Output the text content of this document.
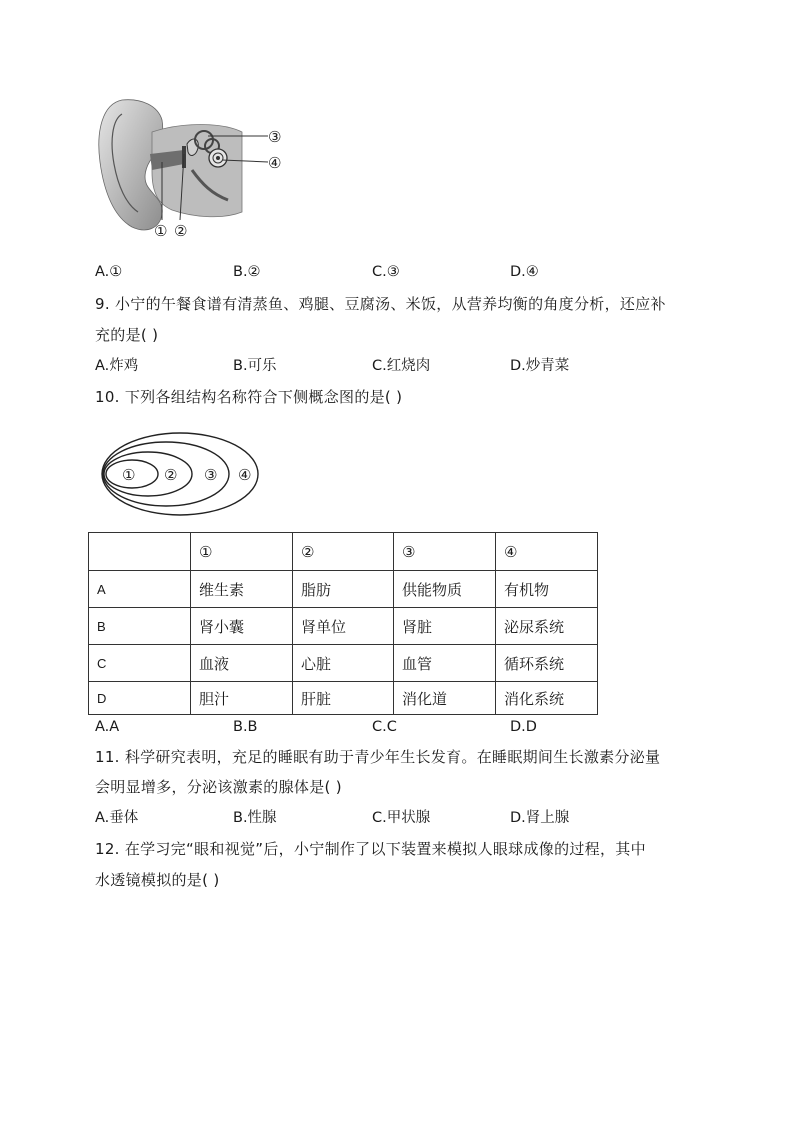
③
④
① ②
A.①	B.②	C.③	D.④
9. 小宁的午餐食谱有清蒸鱼、鸡腿、豆腐汤、米饭，从营养均衡的角度分析，还应补
充的是( )
A.炸鸡	B.可乐	C.红烧肉	D.炒青菜
10. 下列各组结构名称符合下侧概念图的是( )
① ② ③ ④
	①	②	③	④
A	维生素	脂肪	供能物质	有机物
B	肾小囊	肾单位	肾脏	泌尿系统
C	血液	心脏	血管	循环系统
D	胆汁	肝脏	消化道	消化系统
A.A	B.B	C.C	D.D
11. 科学研究表明，充足的睡眠有助于青少年生长发育。在睡眠期间生长激素分泌量
会明显增多，分泌该激素的腺体是( )
A.垂体	B.性腺	C.甲状腺	D.肾上腺
12. 在学习完“眼和视觉”后，小宁制作了以下装置来模拟人眼球成像的过程，其中
水透镜模拟的是( )
